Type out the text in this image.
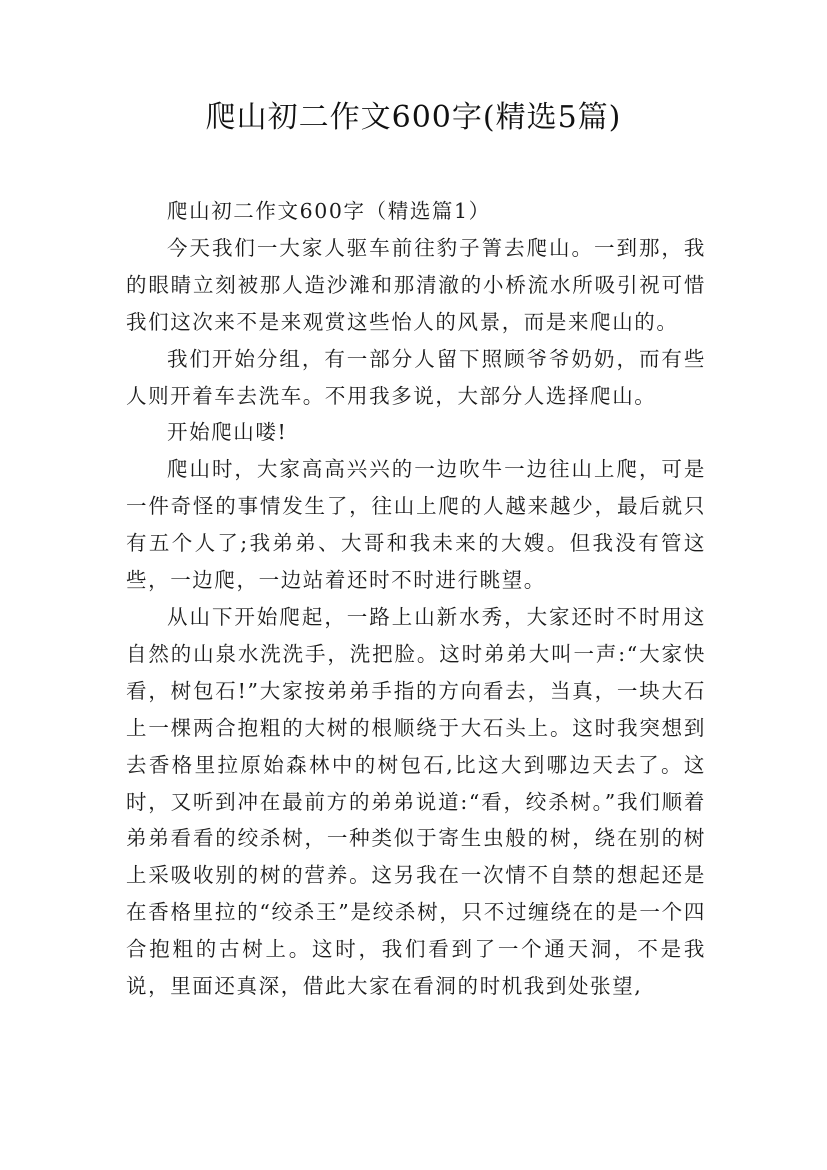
爬山初二作文600字(精选5篇)

爬山初二作文600字（精选篇1）

今天我们一大家人驱车前往豹子箐去爬山。一到那，我的眼睛立刻被那人造沙滩和那清澈的小桥流水所吸引祝可惜我们这次来不是来观赏这些怡人的风景，而是来爬山的。

我们开始分组，有一部分人留下照顾爷爷奶奶，而有些人则开着车去洗车。不用我多说，大部分人选择爬山。

开始爬山喽!

爬山时，大家高高兴兴的一边吹牛一边往山上爬，可是一件奇怪的事情发生了，往山上爬的人越来越少，最后就只有五个人了;我弟弟、大哥和我未来的大嫂。但我没有管这些，一边爬，一边站着还时不时进行眺望。

从山下开始爬起，一路上山新水秀，大家还时不时用这自然的山泉水洗洗手，洗把脸。这时弟弟大叫一声:“大家快看，树包石!”大家按弟弟手指的方向看去，当真，一块大石上一棵两合抱粗的大树的根顺绕于大石头上。这时我突想到去香格里拉原始森林中的树包石,比这大到哪边天去了。这时，又听到冲在最前方的弟弟说道:“看，绞杀树。”我们顺着弟弟看看的绞杀树，一种类似于寄生虫般的树，绕在别的树上采吸收别的树的营养。这另我在一次情不自禁的想起还是在香格里拉的“绞杀王”是绞杀树，只不过缠绕在的是一个四合抱粗的古树上。这时，我们看到了一个通天洞，不是我说，里面还真深，借此大家在看洞的时机我到处张望,
